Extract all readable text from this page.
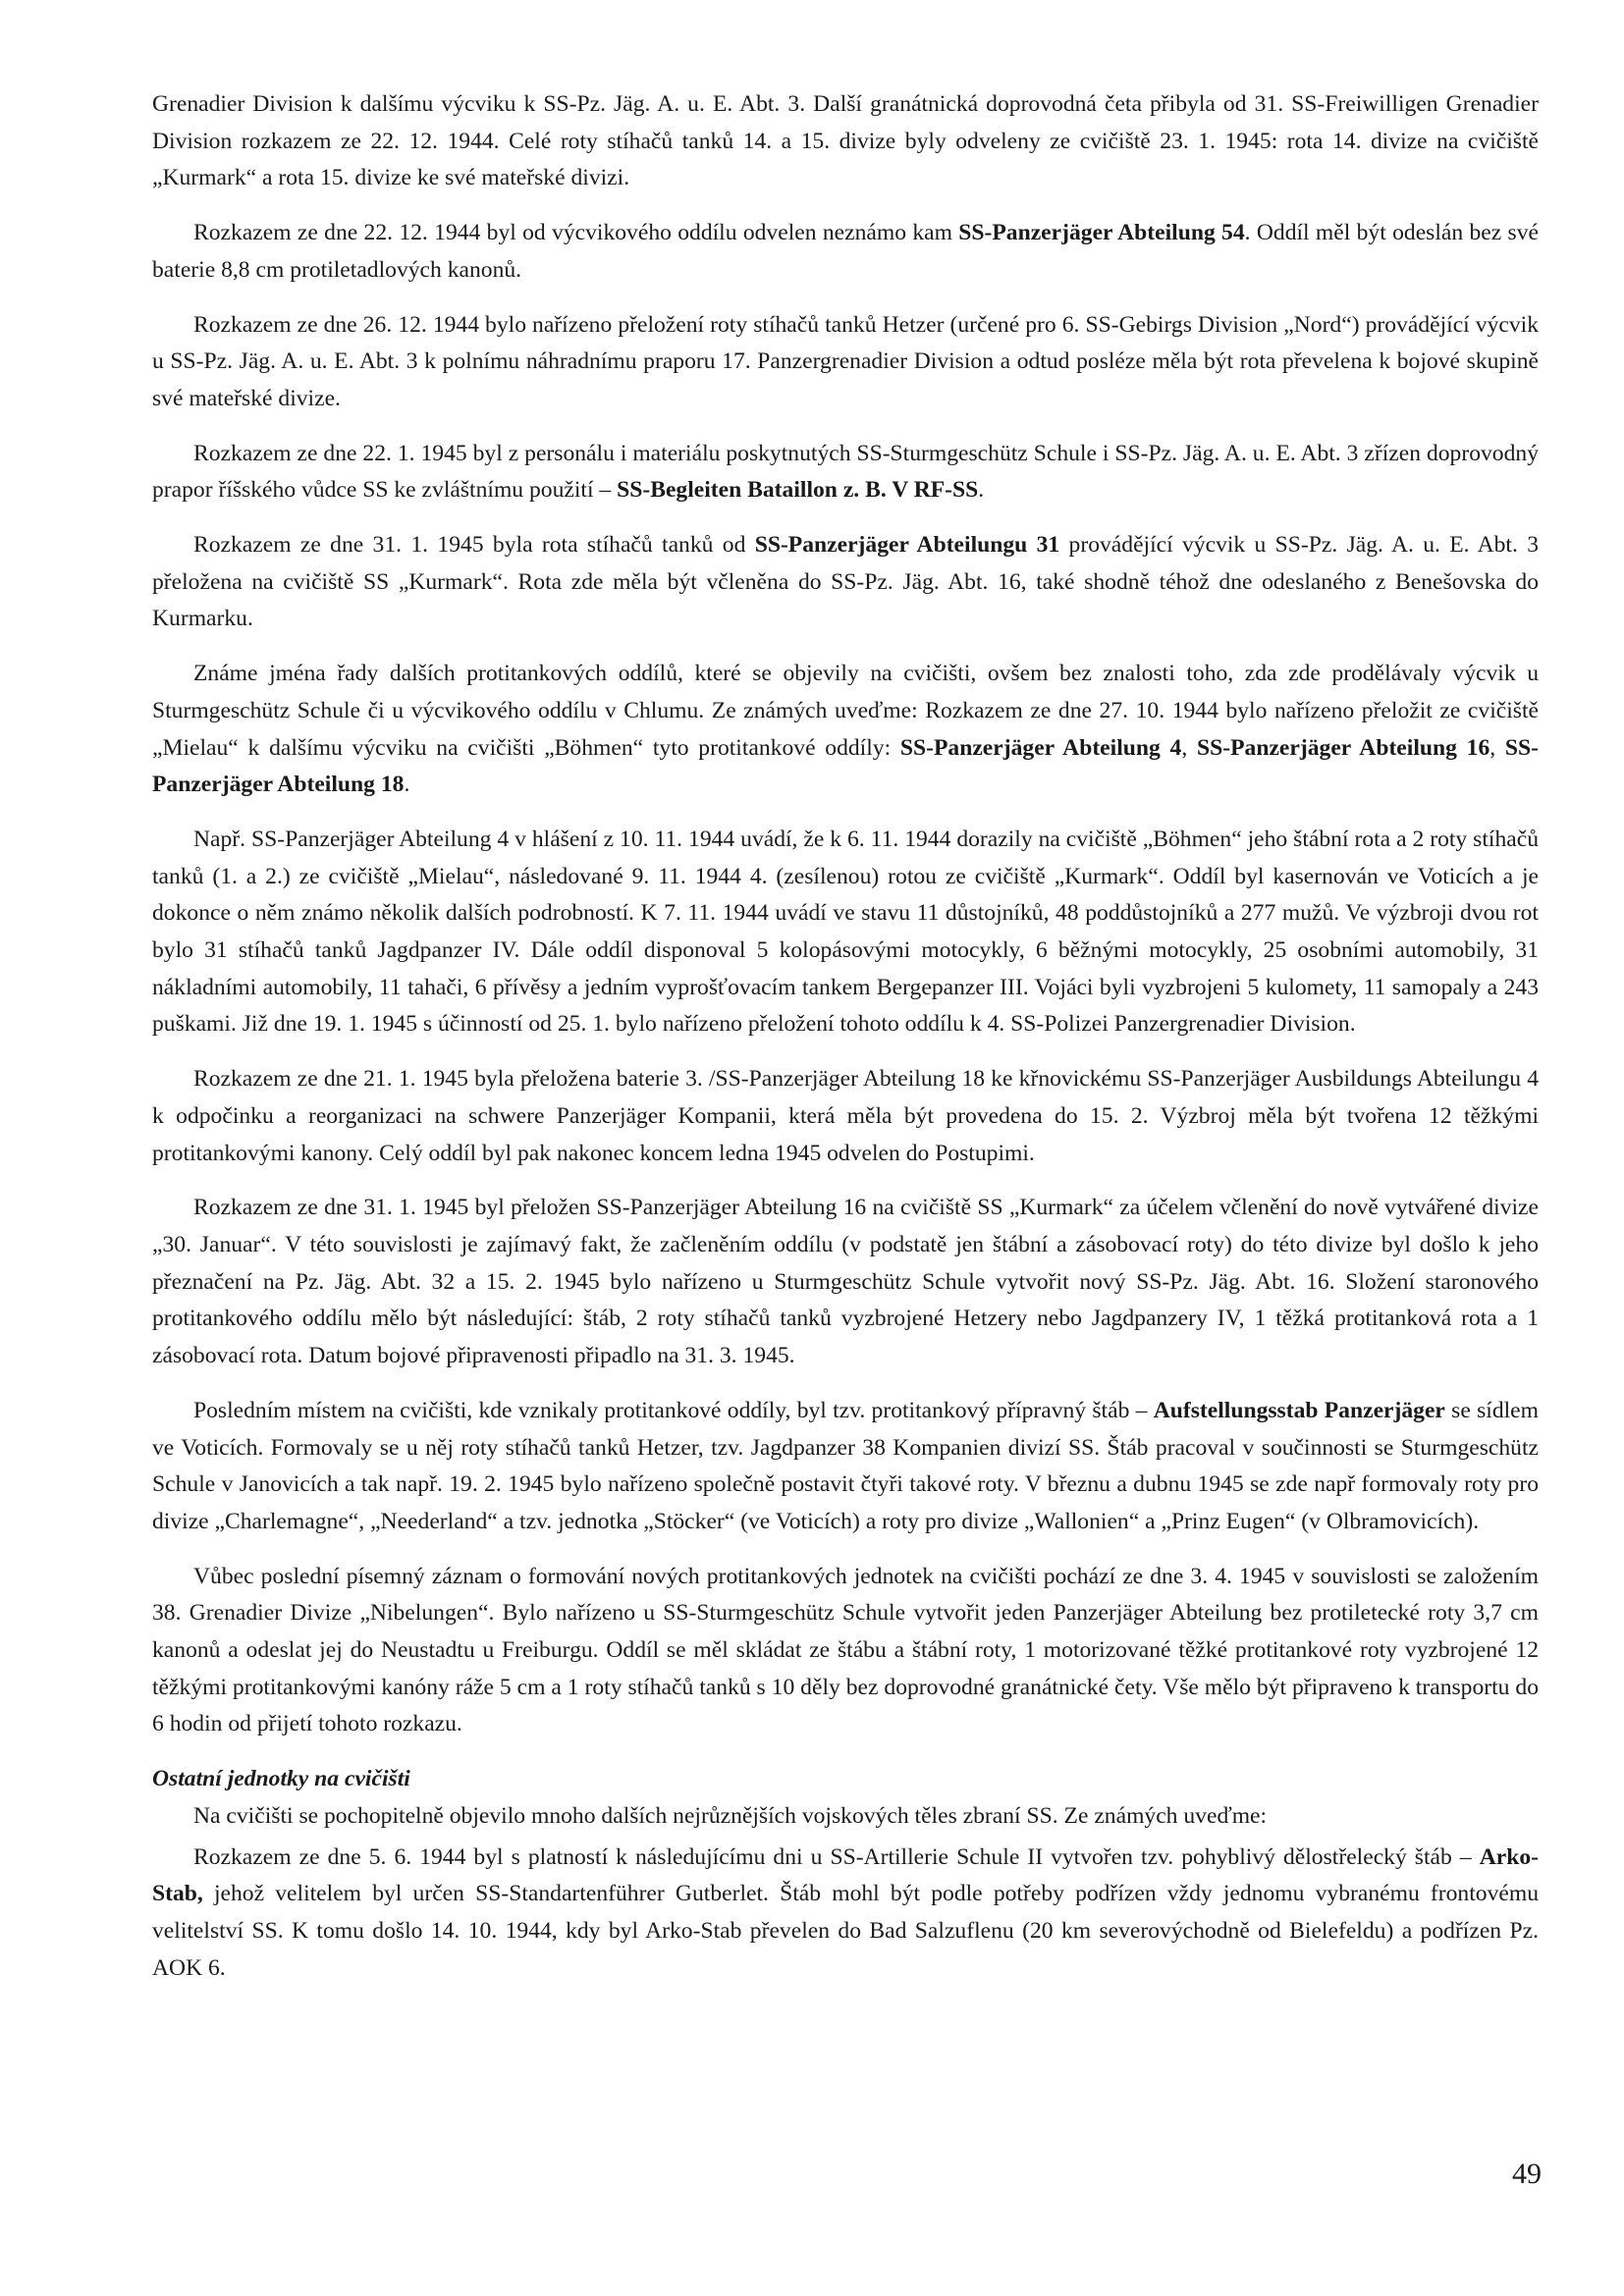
Grenadier Division k dalšímu výcviku k SS-Pz. Jäg. A. u. E. Abt. 3. Další granátnická doprovodná četa přibyla od 31. SS-Freiwilligen Grenadier Division rozkazem ze 22. 12. 1944. Celé roty stíhačů tanků 14. a 15. divize byly odveleny ze cvičiště 23. 1. 1945: rota 14. divize na cvičiště „Kurmark“ a rota 15. divize ke své mateřské divizi.

Rozkazem ze dne 22. 12. 1944 byl od výcvikového oddílu odvelen neznámo kam SS-Panzerjäger Abteilung 54. Oddíl měl být odeslán bez své baterie 8,8 cm protiletadlových kanonů.

Rozkazem ze dne 26. 12. 1944 bylo nařízeno přeložení roty stíhačů tanků Hetzer (určené pro 6. SS-Gebirgs Division „Nord“) provádějící výcvik u SS-Pz. Jäg. A. u. E. Abt. 3 k polnímu náhradnímu praporu 17. Panzergrenadier Division a odtud posléze měla být rota převelena k bojové skupině své mateřské divize.

Rozkazem ze dne 22. 1. 1945 byl z personálu i materiálu poskytnutých SS-Sturmgeschütz Schule i SS-Pz. Jäg. A. u. E. Abt. 3 zřízen doprovodný prapor říšského vůdce SS ke zvláštnímu použití – SS-Begleiten Bataillon z. B. V RF-SS.

Rozkazem ze dne 31. 1. 1945 byla rota stíhačů tanků od SS-Panzerjäger Abteilungu 31 provádějící výcvik u SS-Pz. Jäg. A. u. E. Abt. 3 přeložena na cvičiště SS „Kurmark“. Rota zde měla být včleněna do SS-Pz. Jäg. Abt. 16, také shodně téhož dne odeslaného z Benešovska do Kurmarku.

Známe jména řady dalších protitankových oddílů, které se objevily na cvičišti, ovšem bez znalosti toho, zda zde prodělávaly výcvik u Sturmgeschütz Schule či u výcvikového oddílu v Chlumu. Ze známých uveďme: Rozkazem ze dne 27. 10. 1944 bylo nařízeno přeložit ze cvičiště „Mielau“ k dalšímu výcviku na cvičišti „Böhmen“ tyto protitankové oddíly: SS-Panzerjäger Abteilung 4, SS-Panzerjäger Abteilung 16, SS-Panzerjäger Abteilung 18.

Např. SS-Panzerjäger Abteilung 4 v hlášení z 10. 11. 1944 uvádí, že k 6. 11. 1944 dorazily na cvičiště „Böhmen“ jeho štábní rota a 2 roty stíhačů tanků (1. a 2.) ze cvičiště „Mielau“, následované 9. 11. 1944 4. (zesílenou) rotou ze cvičiště „Kurmark“. Oddíl byl kasernován ve Voticích a je dokonce o něm známo několik dalších podrobností. K 7. 11. 1944 uvádí ve stavu 11 důstojníků, 48 poddůstojníků a 277 mužů. Ve výzbroji dvou rot bylo 31 stíhačů tanků Jagdpanzer IV. Dále oddíl disponoval 5 kolopásovými motocykly, 6 běžnými motocykly, 25 osobními automobily, 31 nákladními automobily, 11 tahači, 6 přívěsy a jedním vyprošťovacím tankem Bergepanzer III. Vojáci byli vyzbrojeni 5 kulomety, 11 samopaly a 243 puškami. Již dne 19. 1. 1945 s účinností od 25. 1. bylo nařízeno přeložení tohoto oddílu k 4. SS-Polizei Panzergrenadier Division.

Rozkazem ze dne 21. 1. 1945 byla přeložena baterie 3. /SS-Panzerjäger Abteilung 18 ke křnovickému SS-Panzerjäger Ausbildungs Abteilungu 4 k odpočinku a reorganizaci na schwere Panzerjäger Kompanii, která měla být provedena do 15. 2. Výzbroj měla být tvořena 12 těžkými protitankovými kanony. Celý oddíl byl pak nakonec koncem ledna 1945 odvelen do Postupimi.

Rozkazem ze dne 31. 1. 1945 byl přeložen SS-Panzerjäger Abteilung 16 na cvičiště SS „Kurmark“ za účelem včlenění do nově vytvářené divize „30. Januar“. V této souvislosti je zajímavý fakt, že začleněním oddílu (v podstatě jen štábní a zásobovací roty) do této divize byl došlo k jeho přeznačení na Pz. Jäg. Abt. 32 a 15. 2. 1945 bylo nařízeno u Sturmgeschütz Schule vytvořit nový SS-Pz. Jäg. Abt. 16. Složení staronového protitankového oddílu mělo být následující: štáb, 2 roty stíhačů tanků vyzbrojené Hetzery nebo Jagdpanzery IV, 1 těžká protitanková rota a 1 zásobovací rota. Datum bojové připravenosti připadlo na 31. 3. 1945.

Posledním místem na cvičišti, kde vznikaly protitankové oddíly, byl tzv. protitankový přípravný štáb – Aufstellungsstab Panzerjäger se sídlem ve Voticích. Formovaly se u něj roty stíhačů tanků Hetzer, tzv. Jagdpanzer 38 Kompanien divizí SS. Štáb pracoval v součinnosti se Sturmgeschütz Schule v Janovicích a tak např. 19. 2. 1945 bylo nařízeno společně postavit čtyři takové roty. V březnu a dubnu 1945 se zde např formovaly roty pro divize „Charlemagne“, „Neederland“ a tzv. jednotka „Stöcker“ (ve Voticích) a roty pro divize „Wallonien“ a „Prinz Eugen“ (v Olbramovicích).

Vůbec poslední písemný záznam o formování nových protitankových jednotek na cvičišti pochází ze dne 3. 4. 1945 v souvislosti se založením 38. Grenadier Divize „Nibelungen“. Bylo nařízeno u SS-Sturmgeschütz Schule vytvořit jeden Panzerjäger Abteilung bez protiletecké roty 3,7 cm kanonů a odeslat jej do Neustadtu u Freiburgu. Oddíl se měl skládat ze štábu a štábní roty, 1 motorizované těžké protitankové roty vyzbrojené 12 těžkými protitankovými kanóny ráže 5 cm a 1 roty stíhačů tanků s 10 děly bez doprovodné granátnické čety. Vše mělo být připraveno k transportu do 6 hodin od přijetí tohoto rozkazu.

Ostatní jednotky na cvičišti

Na cvičišti se pochopitelně objevilo mnoho dalších nejrůznějších vojskových těles zbraní SS. Ze známých uveďme:

Rozkazem ze dne 5. 6. 1944 byl s platností k následujícímu dni u SS-Artillerie Schule II vytvořen tzv. pohyblivý dělostřelecký štáb – Arko-Stab, jehož velitelem byl určen SS-Standartenführer Gutberlet. Štáb mohl být podle potřeby podřízen vždy jednomu vybranému frontovému velitelství SS. K tomu došlo 14. 10. 1944, kdy byl Arko-Stab převelen do Bad Salzuflenu (20 km severovýchodně od Bielefeldu) a podřízen Pz. AOK 6.

49
